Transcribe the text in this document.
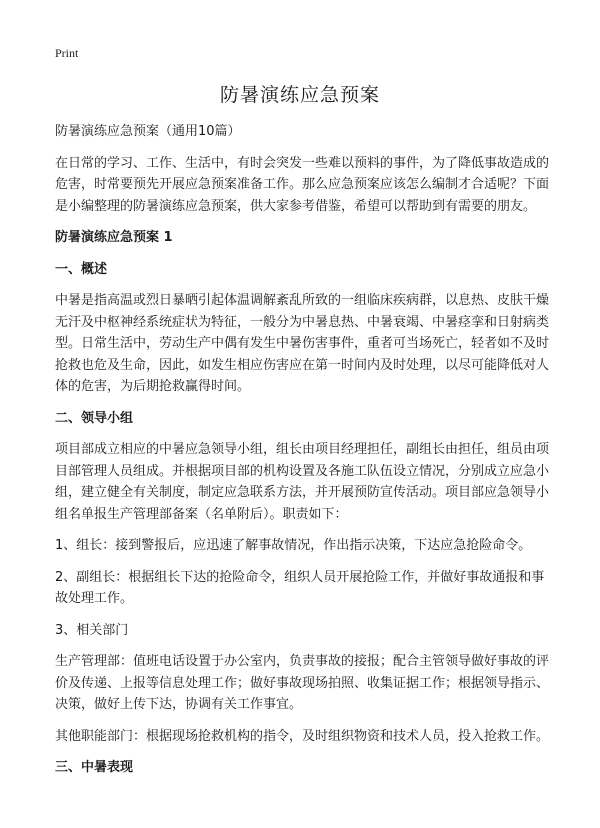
Print
防暑演练应急预案

防暑演练应急预案（通用10篇）

在日常的学习、工作、生活中，有时会突发一些难以预料的事件，为了降低事故造成的危害，时常要预先开展应急预案准备工作。那么应急预案应该怎么编制才合适呢？下面是小编整理的防暑演练应急预案，供大家参考借鉴，希望可以帮助到有需要的朋友。

防暑演练应急预案 1

一、概述

中暑是指高温或烈日暴晒引起体温调解紊乱所致的一组临床疾病群，以息热、皮肤干燥无汗及中枢神经系统症状为特征，一般分为中暑息热、中暑衰竭、中暑痉挛和日射病类型。日常生活中，劳动生产中偶有发生中暑伤害事件，重者可当场死亡，轻者如不及时抢救也危及生命，因此，如发生相应伤害应在第一时间内及时处理，以尽可能降低对人体的危害，为后期抢救赢得时间。

二、领导小组

项目部成立相应的中暑应急领导小组，组长由项目经理担任，副组长由担任，组员由项目部管理人员组成。并根据项目部的机构设置及各施工队伍设立情况，分别成立应急小组，建立健全有关制度，制定应急联系方法，并开展预防宣传活动。项目部应急领导小组名单报生产管理部备案（名单附后）。职责如下：

1、组长：接到警报后，应迅速了解事故情况，作出指示决策，下达应急抢险命令。

2、副组长：根据组长下达的抢险命令，组织人员开展抢险工作，并做好事故通报和事故处理工作。

3、相关部门

生产管理部：值班电话设置于办公室内，负责事故的接报；配合主管领导做好事故的评价及传递、上报等信息处理工作；做好事故现场拍照、收集证据工作；根据领导指示、决策，做好上传下达，协调有关工作事宜。

其他职能部门：根据现场抢救机构的指令，及时组织物资和技术人员，投入抢救工作。

三、中暑表现
